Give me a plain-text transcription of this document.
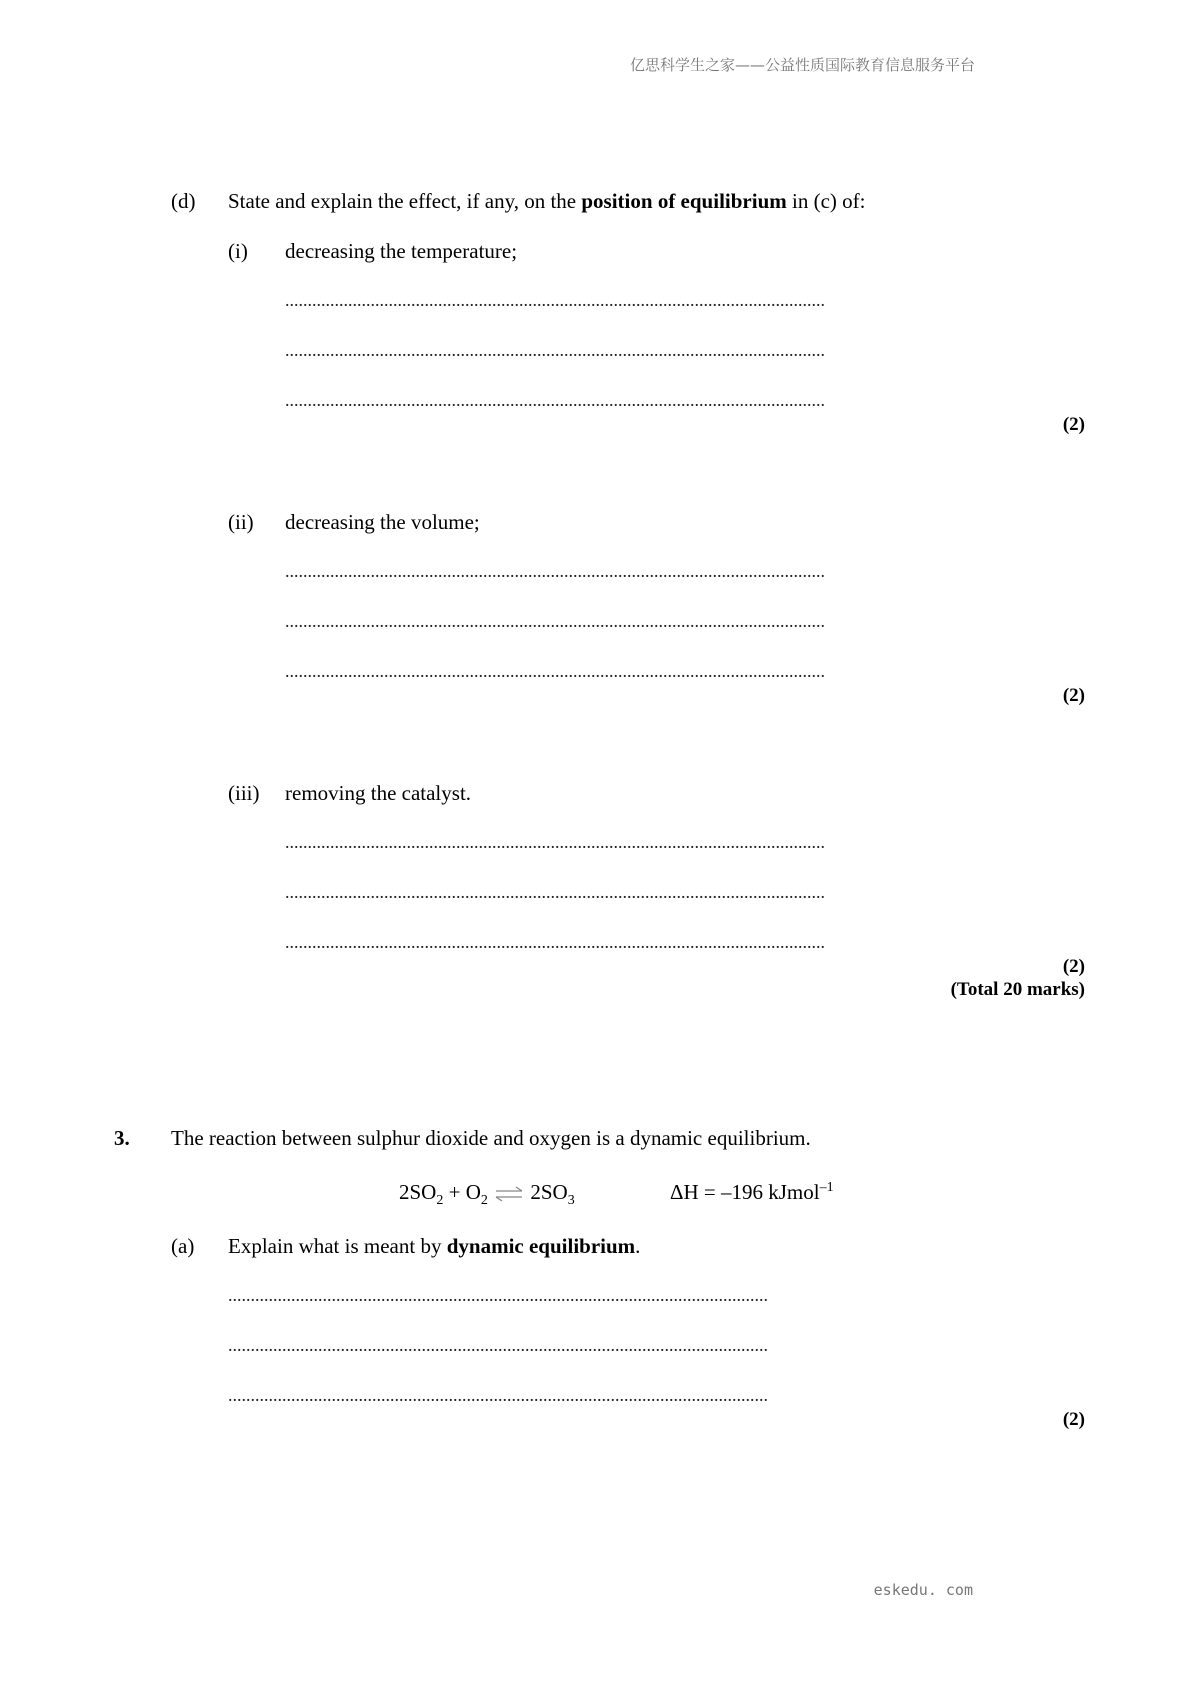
亿思科学生之家——公益性质国际教育信息服务平台
eskedu. com
(d) State and explain the effect, if any, on the position of equilibrium in (c) of:
(i) decreasing the temperature;
........................................................................................................................
........................................................................................................................
........................................................................................................................
(2)
(ii) decreasing the volume;
........................................................................................................................
........................................................................................................................
........................................................................................................................
(2)
(iii) removing the catalyst.
........................................................................................................................
........................................................................................................................
........................................................................................................................
(2)
(Total 20 marks)
3. The reaction between sulphur dioxide and oxygen is a dynamic equilibrium.
$2SO_2 + O_2$ ⇌ $2SO_3$	ΔH = –196 kJmol$^{-1}$
(a) Explain what is meant by dynamic equilibrium.
........................................................................................................................
........................................................................................................................
........................................................................................................................
(2)
